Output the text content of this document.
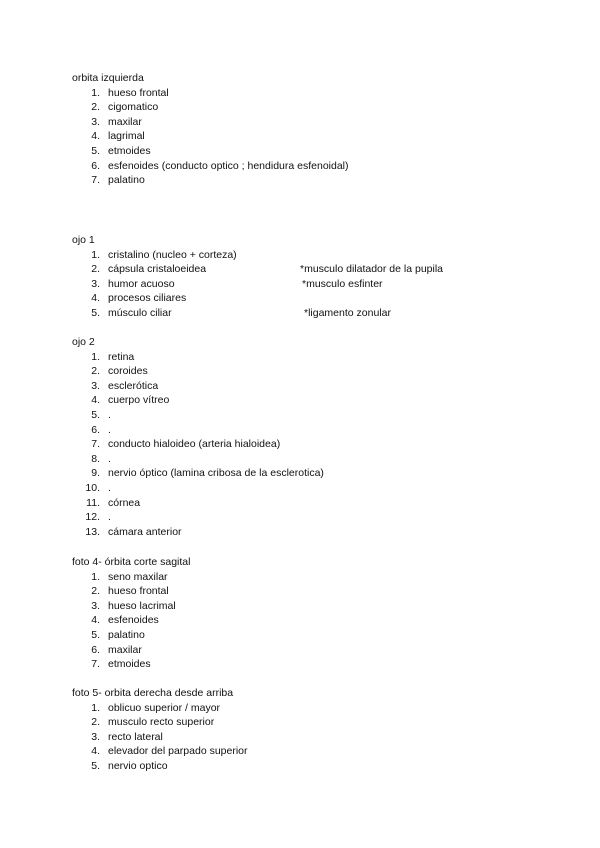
orbita izquierda
1. hueso frontal
2. cigomatico
3. maxilar
4. lagrimal
5. etmoides
6. esfenoides (conducto optico ; hendidura esfenoidal)
7. palatino
ojo 1
1. cristalino (nucleo + corteza)
2. cápsula cristaloeidea	*musculo dilatador de la pupila
3. humor acuoso	*musculo esfinter
4. procesos ciliares
5. músculo ciliar	*ligamento zonular
ojo 2
1. retina
2. coroides
3. esclerótica
4. cuerpo vítreo
5. .
6. .
7. conducto hialoideo (arteria hialoidea)
8. .
9. nervio óptico (lamina cribosa de la esclerotica)
10. .
11. córnea
12. .
13. cámara anterior
foto 4- órbita corte sagital
1. seno maxilar
2. hueso frontal
3. hueso lacrimal
4. esfenoides
5. palatino
6. maxilar
7. etmoides
foto 5- orbita derecha desde arriba
1. oblicuo superior / mayor
2. musculo recto superior
3. recto lateral
4. elevador del parpado superior
5. nervio optico
